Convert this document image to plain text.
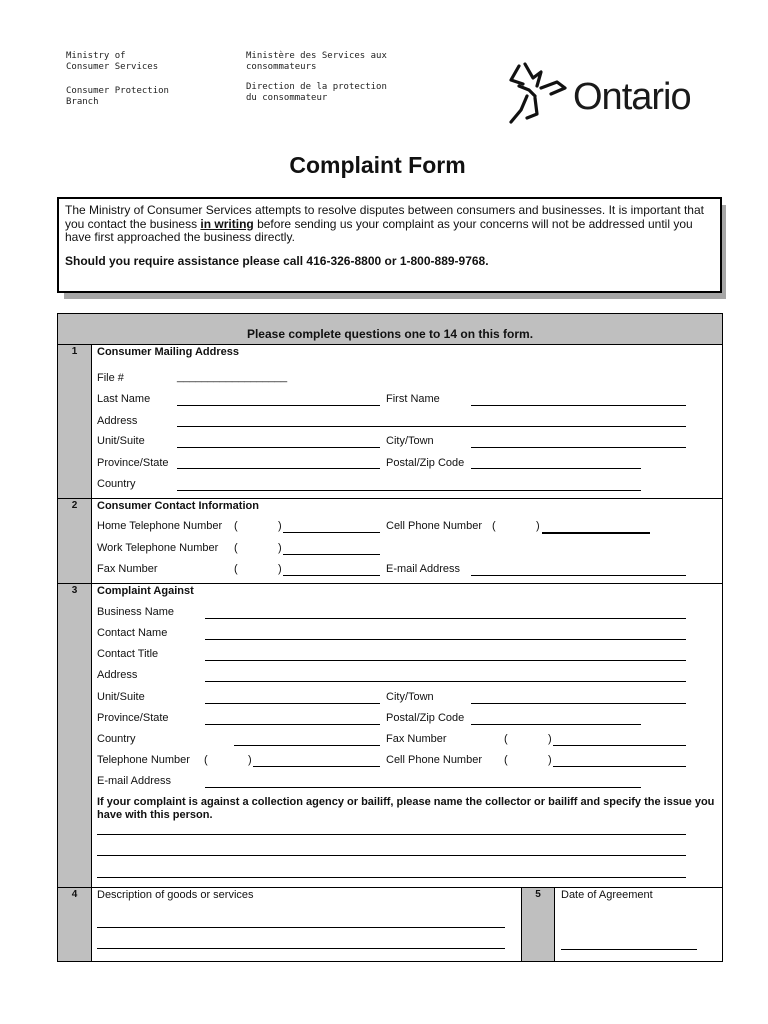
Ministry of
Consumer Services
Consumer Protection
Branch
Ministère des Services aux
consommateurs
Direction de la protection
du consommateur	Ontario
Complaint Form

The Ministry of Consumer Services attempts to resolve disputes between consumers and businesses. It is important that you contact the business in writing before sending us your complaint as your concerns will not be addressed until you have first approached the business directly.

Should you require assistance please call 416-326-8800 or 1-800-889-9768.

Please complete questions one to 14 on this form.
1	Consumer Mailing Address
File #	__________________
Last Name	First Name
Address
Unit/Suite	City/Town
Province/State	Postal/Zip Code
Country
2	Consumer Contact Information
Home Telephone Number (	)	Cell Phone Number (	)
Work Telephone Number (	)
Fax Number	(	)	E-mail Address
3	Complaint Against
Business Name
Contact Name
Contact Title
Address
Unit/Suite	City/Town
Province/State	Postal/Zip Code
Country	Fax Number	(	)
Telephone Number (	)	Cell Phone Number (	)
E-mail Address
If your complaint is against a collection agency or bailiff, please name the collector or bailiff and specify the issue you have with this person.
4	Description of goods or services	5	Date of Agreement
